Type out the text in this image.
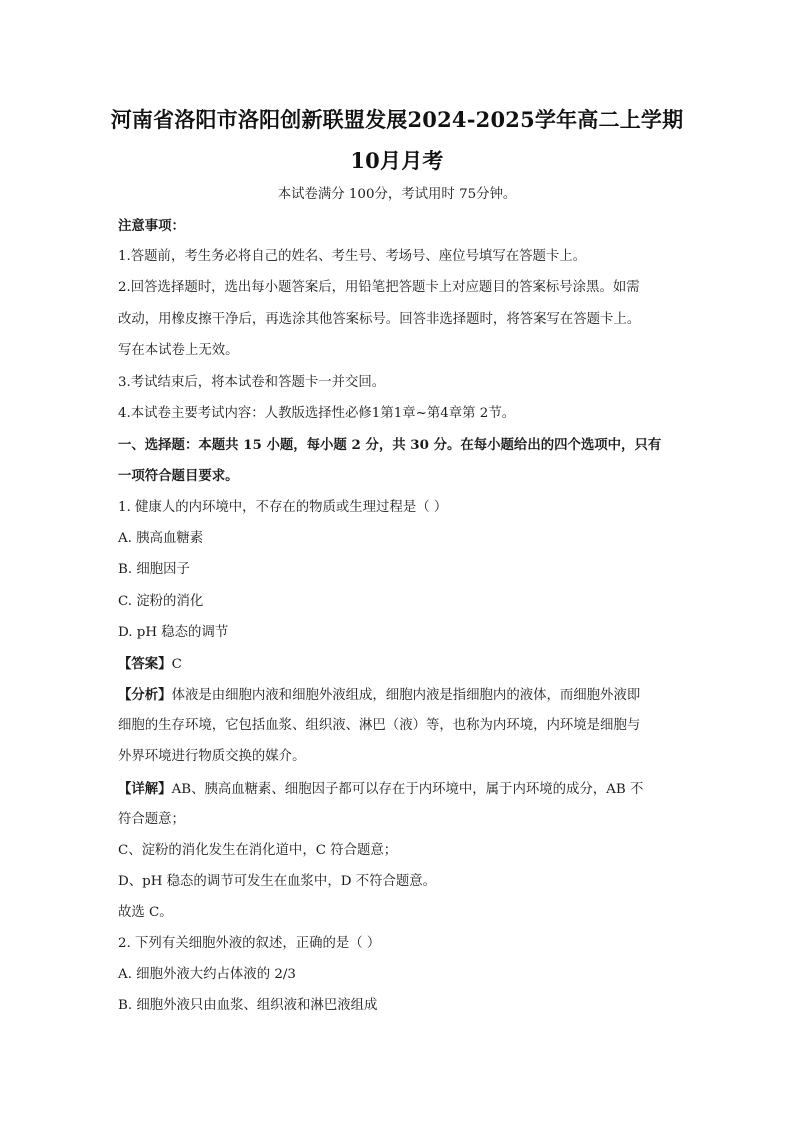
河南省洛阳市洛阳创新联盟发展2024-2025学年高二上学期
10月月考
本试卷满分 100分，考试用时 75分钟。
注意事项：
1.答题前，考生务必将自己的姓名、考生号、考场号、座位号填写在答题卡上。
2.回答选择题时，选出每小题答案后，用铅笔把答题卡上对应题目的答案标号涂黑。如需
改动，用橡皮擦干净后，再选涂其他答案标号。回答非选择题时，将答案写在答题卡上。
写在本试卷上无效。
3.考试结束后，将本试卷和答题卡一并交回。
4.本试卷主要考试内容：人教版选择性必修1第1章~第4章第 2节。
一、选择题：本题共 15 小题，每小题 2 分，共 30 分。在每小题给出的四个选项中，只有
一项符合题目要求。
1. 健康人的内环境中，不存在的物质或生理过程是（ ）
A. 胰高血糖素
B. 细胞因子
C. 淀粉的消化
D. pH 稳态的调节
【答案】C
【分析】体液是由细胞内液和细胞外液组成，细胞内液是指细胞内的液体，而细胞外液即
细胞的生存环境，它包括血浆、组织液、淋巴（液）等，也称为内环境，内环境是细胞与
外界环境进行物质交换的媒介。
【详解】AB、胰高血糖素、细胞因子都可以存在于内环境中，属于内环境的成分，AB 不
符合题意；
C、淀粉的消化发生在消化道中，C 符合题意；
D、pH 稳态的调节可发生在血浆中，D 不符合题意。
故选 C。
2. 下列有关细胞外液的叙述，正确的是（ ）
A. 细胞外液大约占体液的 2/3
B. 细胞外液只由血浆、组织液和淋巴液组成
